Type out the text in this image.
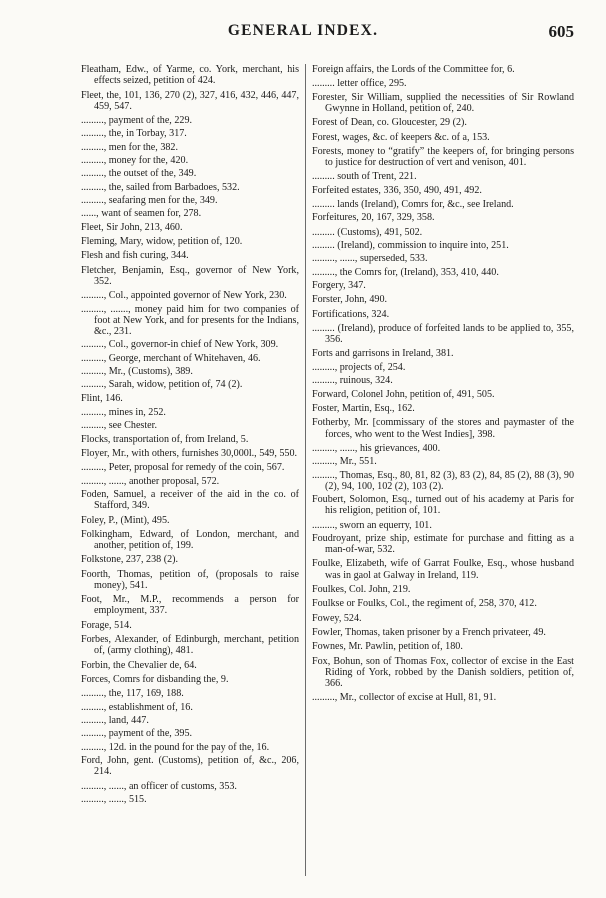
GENERAL INDEX.	605

Fleatham, Edw., of Yarme, co. York, merchant, his effects seized, petition of 424.

Fleet, the, 101, 136, 270 (2), 327, 416, 432, 446, 447, 459, 547.

........., payment of the, 229.

........., the, in Torbay, 317.

........., men for the, 382.

........., money for the, 420.

........., the outset of the, 349.

........., the, sailed from Barbadoes, 532.

........., seafaring men for the, 349.

......, want of seamen for, 278.

Fleet, Sir John, 213, 460.

Fleming, Mary, widow, petition of, 120.

Flesh and fish curing, 344.

Fletcher, Benjamin, Esq., governor of New York, 352.

........., Col., appointed governor of New York, 230.

........., ......., money paid him for two companies of foot at New York, and for presents for the Indians, &c., 231.

........., Col., governor-in chief of New York, 309.

........., George, merchant of Whitehaven, 46.

........., Mr., (Customs), 389.

........., Sarah, widow, petition of, 74 (2).

Flint, 146.

........., mines in, 252.

........., see Chester.

Flocks, transportation of, from Ireland, 5.

Floyer, Mr., with others, furnishes 30,000l., 549, 550.

........., Peter, proposal for remedy of the coin, 567.

........., ......, another proposal, 572.

Foden, Samuel, a receiver of the aid in the co. of Stafford, 349.

Foley, P., (Mint), 495.

Folkingham, Edward, of London, merchant, and another, petition of, 199.

Folkstone, 237, 238 (2).

Foorth, Thomas, petition of, (proposals to raise money), 541.

Foot, Mr., M.P., recommends a person for employment, 337.

Forage, 514.

Forbes, Alexander, of Edinburgh, merchant, petition of, (army clothing), 481.

Forbin, the Chevalier de, 64.

Forces, Comrs for disbanding the, 9.

........., the, 117, 169, 188.

........., establishment of, 16.

........., land, 447.

........., payment of the, 395.

........., 12d. in the pound for the pay of the, 16.

Ford, John, gent. (Customs), petition of, &c., 206, 214.

........., ......, an officer of customs, 353.

........., ......, 515.

Foreign affairs, the Lords of the Committee for, 6.

......... letter office, 295.

Forester, Sir William, supplied the necessities of Sir Rowland Gwynne in Holland, petition of, 240.

Forest of Dean, co. Gloucester, 29 (2).

Forest, wages, &c. of keepers &c. of a, 153.

Forests, money to “gratify” the keepers of, for bringing persons to justice for destruction of vert and venison, 401.

......... south of Trent, 221.

Forfeited estates, 336, 350, 490, 491, 492.

......... lands (Ireland), Comrs for, &c., see Ireland.

Forfeitures, 20, 167, 329, 358.

......... (Customs), 491, 502.

......... (Ireland), commission to inquire into, 251.

........., ......, superseded, 533.

........., the Comrs for, (Ireland), 353, 410, 440.

Forgery, 347.

Forster, John, 490.

Fortifications, 324.

......... (Ireland), produce of forfeited lands to be applied to, 355, 356.

Forts and garrisons in Ireland, 381.

........., projects of, 254.

........., ruinous, 324.

Forward, Colonel John, petition of, 491, 505.

Foster, Martin, Esq., 162.

Fotherby, Mr. [commissary of the stores and paymaster of the forces, who went to the West Indies], 398.

........., ......, his grievances, 400.

........., Mr., 551.

........., Thomas, Esq., 80, 81, 82 (3), 83 (2), 84, 85 (2), 88 (3), 90 (2), 94, 100, 102 (2), 103 (2).

Foubert, Solomon, Esq., turned out of his academy at Paris for his religion, petition of, 101.

........., sworn an equerry, 101.

Foudroyant, prize ship, estimate for purchase and fitting as a man-of-war, 532.

Foulke, Elizabeth, wife of Garrat Foulke, Esq., whose husband was in gaol at Galway in Ireland, 119.

Foulkes, Col. John, 219.

Foulkse or Foulks, Col., the regiment of, 258, 370, 412.

Fowey, 524.

Fowler, Thomas, taken prisoner by a French privateer, 49.

Fownes, Mr. Pawlin, petition of, 180.

Fox, Bohun, son of Thomas Fox, collector of excise in the East Riding of York, robbed by the Danish soldiers, petition of, 366.

........., Mr., collector of excise at Hull, 81, 91.
